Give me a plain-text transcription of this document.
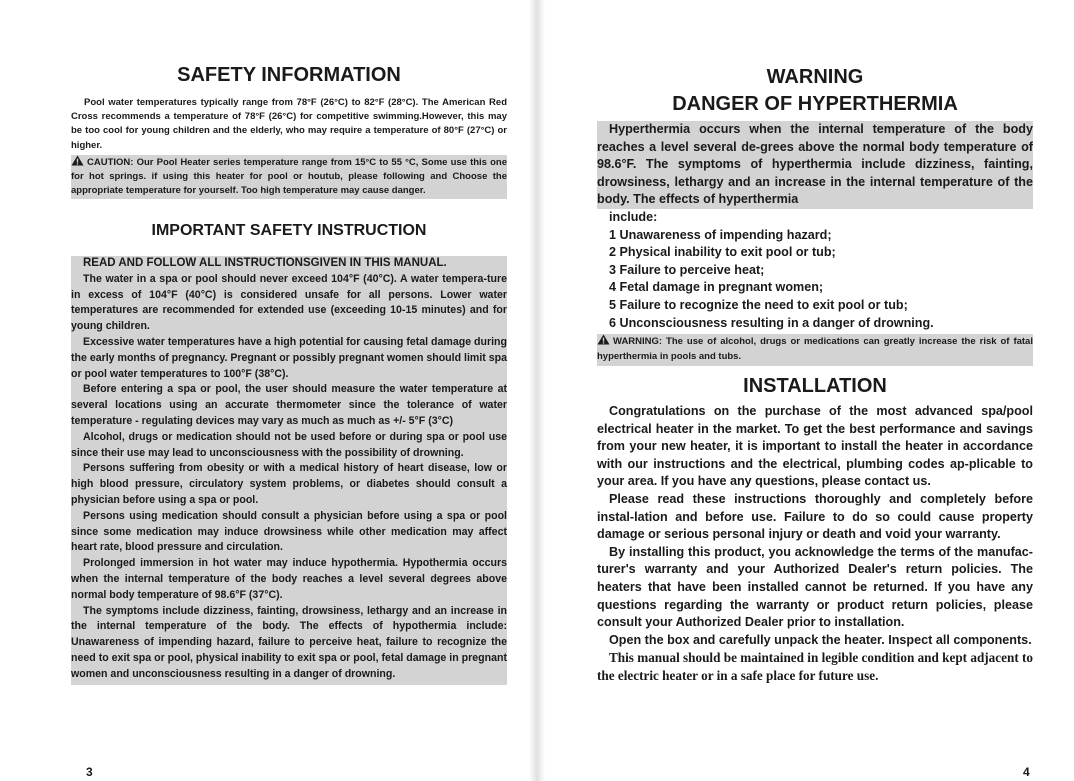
SAFETY INFORMATION

Pool water temperatures typically range from 78°F (26°C) to 82°F (28°C). The American Red Cross recommends a temperature of 78°F (26°C) for competitive swimming.However, this may be too cool for young children and the elderly, who may require a temperature of 80°F (27°C) or higher.

CAUTION: Our Pool Heater series temperature range from 15°C to 55 °C, Some use this one for hot springs. if using this heater for pool or houtub, please following and Choose the appropriate temperature for yourself. Too high temperature may cause danger.

IMPORTANT SAFETY INSTRUCTION

READ AND FOLLOW ALL INSTRUCTIONSGIVEN IN THIS MANUAL.

The water in a spa or pool should never exceed 104°F (40°C). A water tempera-ture in excess of 104°F (40°C) is considered unsafe for all persons. Lower water temperatures are recommended for extended use (exceeding 10-15 minutes) and for young children.

Excessive water temperatures have a high potential for causing fetal damage during the early months of pregnancy. Pregnant or possibly pregnant women should limit spa or pool water temperatures to 100°F (38°C).

Before entering a spa or pool, the user should measure the water temperature at several locations using an accurate thermometer since the tolerance of water temperature - regulating devices may vary as much as much as +/- 5°F (3°C)

Alcohol, drugs or medication should not be used before or during spa or pool use since their use may lead to unconsciousness with the possibility of drowning.

Persons suffering from obesity or with a medical history of heart disease, low or high blood pressure, circulatory system problems, or diabetes should consult a physician before using a spa or pool.

Persons using medication should consult a physician before using a spa or pool since some medication may induce drowsiness while other medication may affect heart rate, blood pressure and circulation.

Prolonged immersion in hot water may induce hypothermia. Hypothermia occurs when the internal temperature of the body reaches a level several degrees above normal body temperature of 98.6°F (37°C).

The symptoms include dizziness, fainting, drowsiness, lethargy and an increase in the internal temperature of the body. The effects of hypothermia include: Unawareness of impending hazard, failure to perceive heat, failure to recognize the need to exit spa or pool, physical inability to exit spa or pool, fetal damage in pregnant women and unconsciousness resulting in a danger of drowning.

3
WARNING
DANGER OF HYPERTHERMIA

Hyperthermia occurs when the internal temperature of the body reaches a level several de-grees above the normal body temperature of 98.6°F. The symptoms of hyperthermia include dizziness, fainting, drowsiness, lethargy and an increase in the internal temperature of the body. The effects of hyperthermia

include:
1 Unawareness of impending hazard;
2 Physical inability to exit pool or tub;
3 Failure to perceive heat;
4 Fetal damage in pregnant women;
5 Failure to recognize the need to exit pool or tub;
6 Unconsciousness resulting in a danger of drowning.

WARNING: The use of alcohol, drugs or medications can greatly increase the risk of fatal hyperthermia in pools and tubs.

INSTALLATION

Congratulations on the purchase of the most advanced spa/pool electrical heater in the market. To get the best performance and savings from your new heater, it is important to install the heater in accordance with our instructions and the electrical, plumbing codes ap-plicable to your area. If you have any questions, please contact us.

Please read these instructions thoroughly and completely before instal-lation and before use. Failure to do so could cause property damage or serious personal injury or death and void your warranty.

By installing this product, you acknowledge the terms of the manufac-turer's warranty and your Authorized Dealer's return policies. The heaters that have been installed cannot be returned. If you have any questions regarding the warranty or product return policies, please consult your Authorized Dealer prior to installation.

Open the box and carefully unpack the heater. Inspect all components.

This manual should be maintained in legible condition and kept adjacent to the electric heater or in a safe place for future use.

4
